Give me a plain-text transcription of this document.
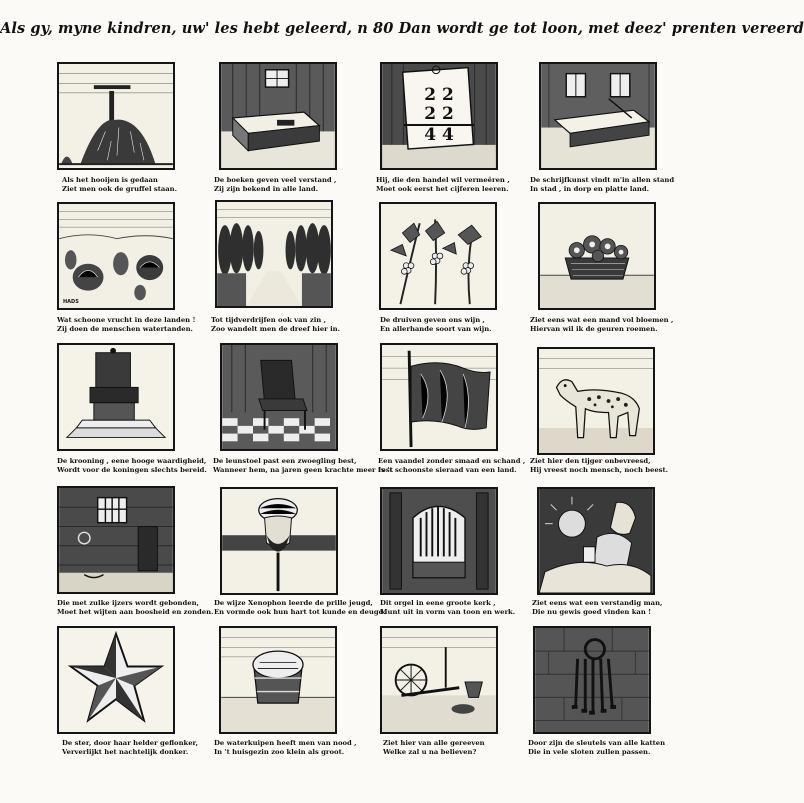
Als gy, myne kindren, uw' les hebt geleerd, n 80 Dan wordt ge tot loon, met deez' prenten vereerd
Als het hooijen is gedaan
Ziet men ook de gruffel staan.
De boeken geven veel verstand ,
Zij zijn bekend in alle land.
2 2
2 2
4 4
Hij, die den handel wil vermeêren ,
Moet ook eerst het cijferen leeren.
De schrijfkunst vindt m'in allen stand
In stad , in dorp en platte land.
HADS
Wat schoone vrucht in deze landen !
Zij doen de menschen watertanden.
Tot tijdverdrijfen ook van zin ,
Zoo wandelt men de dreef hier in.
De druiven geven ons wijn ,
En allerhande soort van wijn.
Ziet eens wat een mand vol bloemen ,
Hiervan wil ik de geuren roemen.
De krooning , eene hooge waardigheid,
Wordt voor de koningen slechts bereid.
De leunstoel past een zwoegling best,
Wanneer hem, na jaren geen krachte meer rest
Een vaandel zonder smaad en schand ,
Is 't schoonste sieraad van een land.
Ziet hier den tijger onbevreesd,
Hij vreest noch mensch, noch beest.
Die met zulke ijzers wordt gebonden,
Moet het wijten aan boosheid en zonden.
De wijze Xenophon leerde de prille jeugd,
En vormde ook hun hart tot kunde en deugd.
Dit orgel in eene groote kerk ,
Munt uit in vorm van toon en werk.
Ziet eens wat een verstandig man,
Die nu gewis goed vinden kan !
De ster, door haar helder geflonker,
Ververlijkt het nachtelijk donker.
De waterkuipen heeft men van nood ,
In 't huisgezin zoo klein als groot.
Ziet hier van alle gereeven
Welke zal u na believen?
Door zijn de sleutels van alle katten
Die in vele sloten zullen passen.
